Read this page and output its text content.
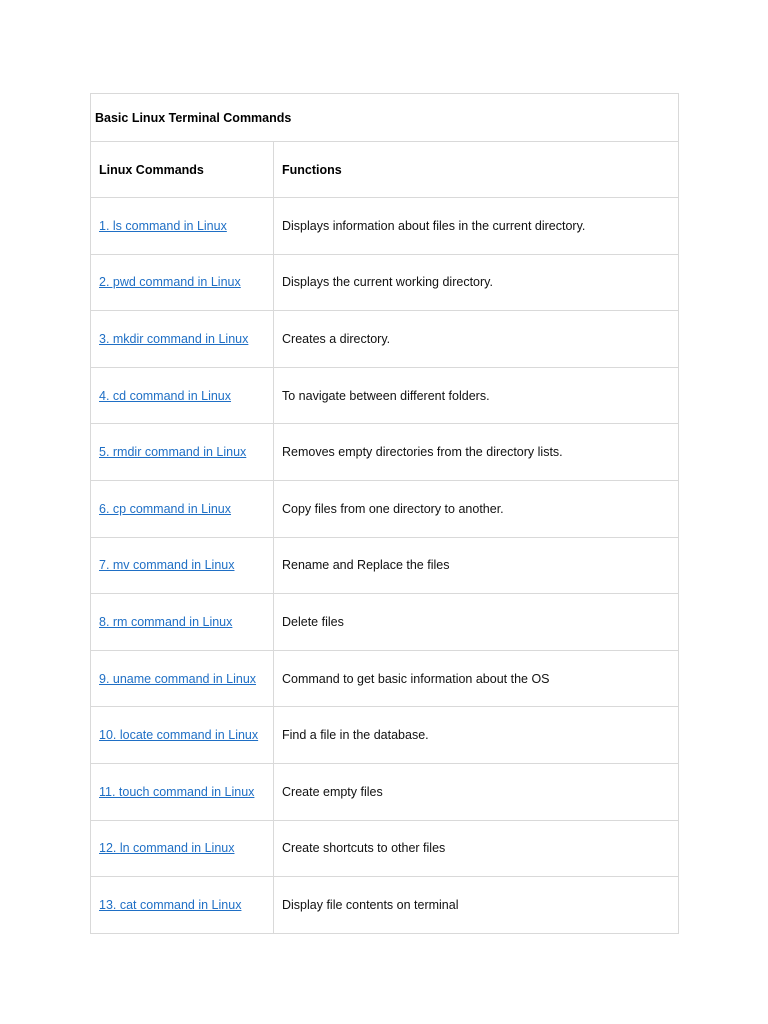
Basic Linux Terminal Commands	
Linux Commands	Functions
1. ls command in Linux	Displays information about files in the current directory.
2. pwd command in Linux	Displays the current working directory.
3. mkdir command in Linux	Creates a directory.
4. cd command in Linux	To navigate between different folders.
5. rmdir command in Linux	Removes empty directories from the directory lists.
6. cp command in Linux	Copy files from one directory to another.
7. mv command in Linux	Rename and Replace the files
8. rm command in Linux	Delete files
9. uname command in Linux	Command to get basic information about the OS
10. locate command in Linux	Find a file in the database.
11. touch command in Linux	Create empty files
12. ln command in Linux	Create shortcuts to other files
13. cat command in Linux	Display file contents on terminal
